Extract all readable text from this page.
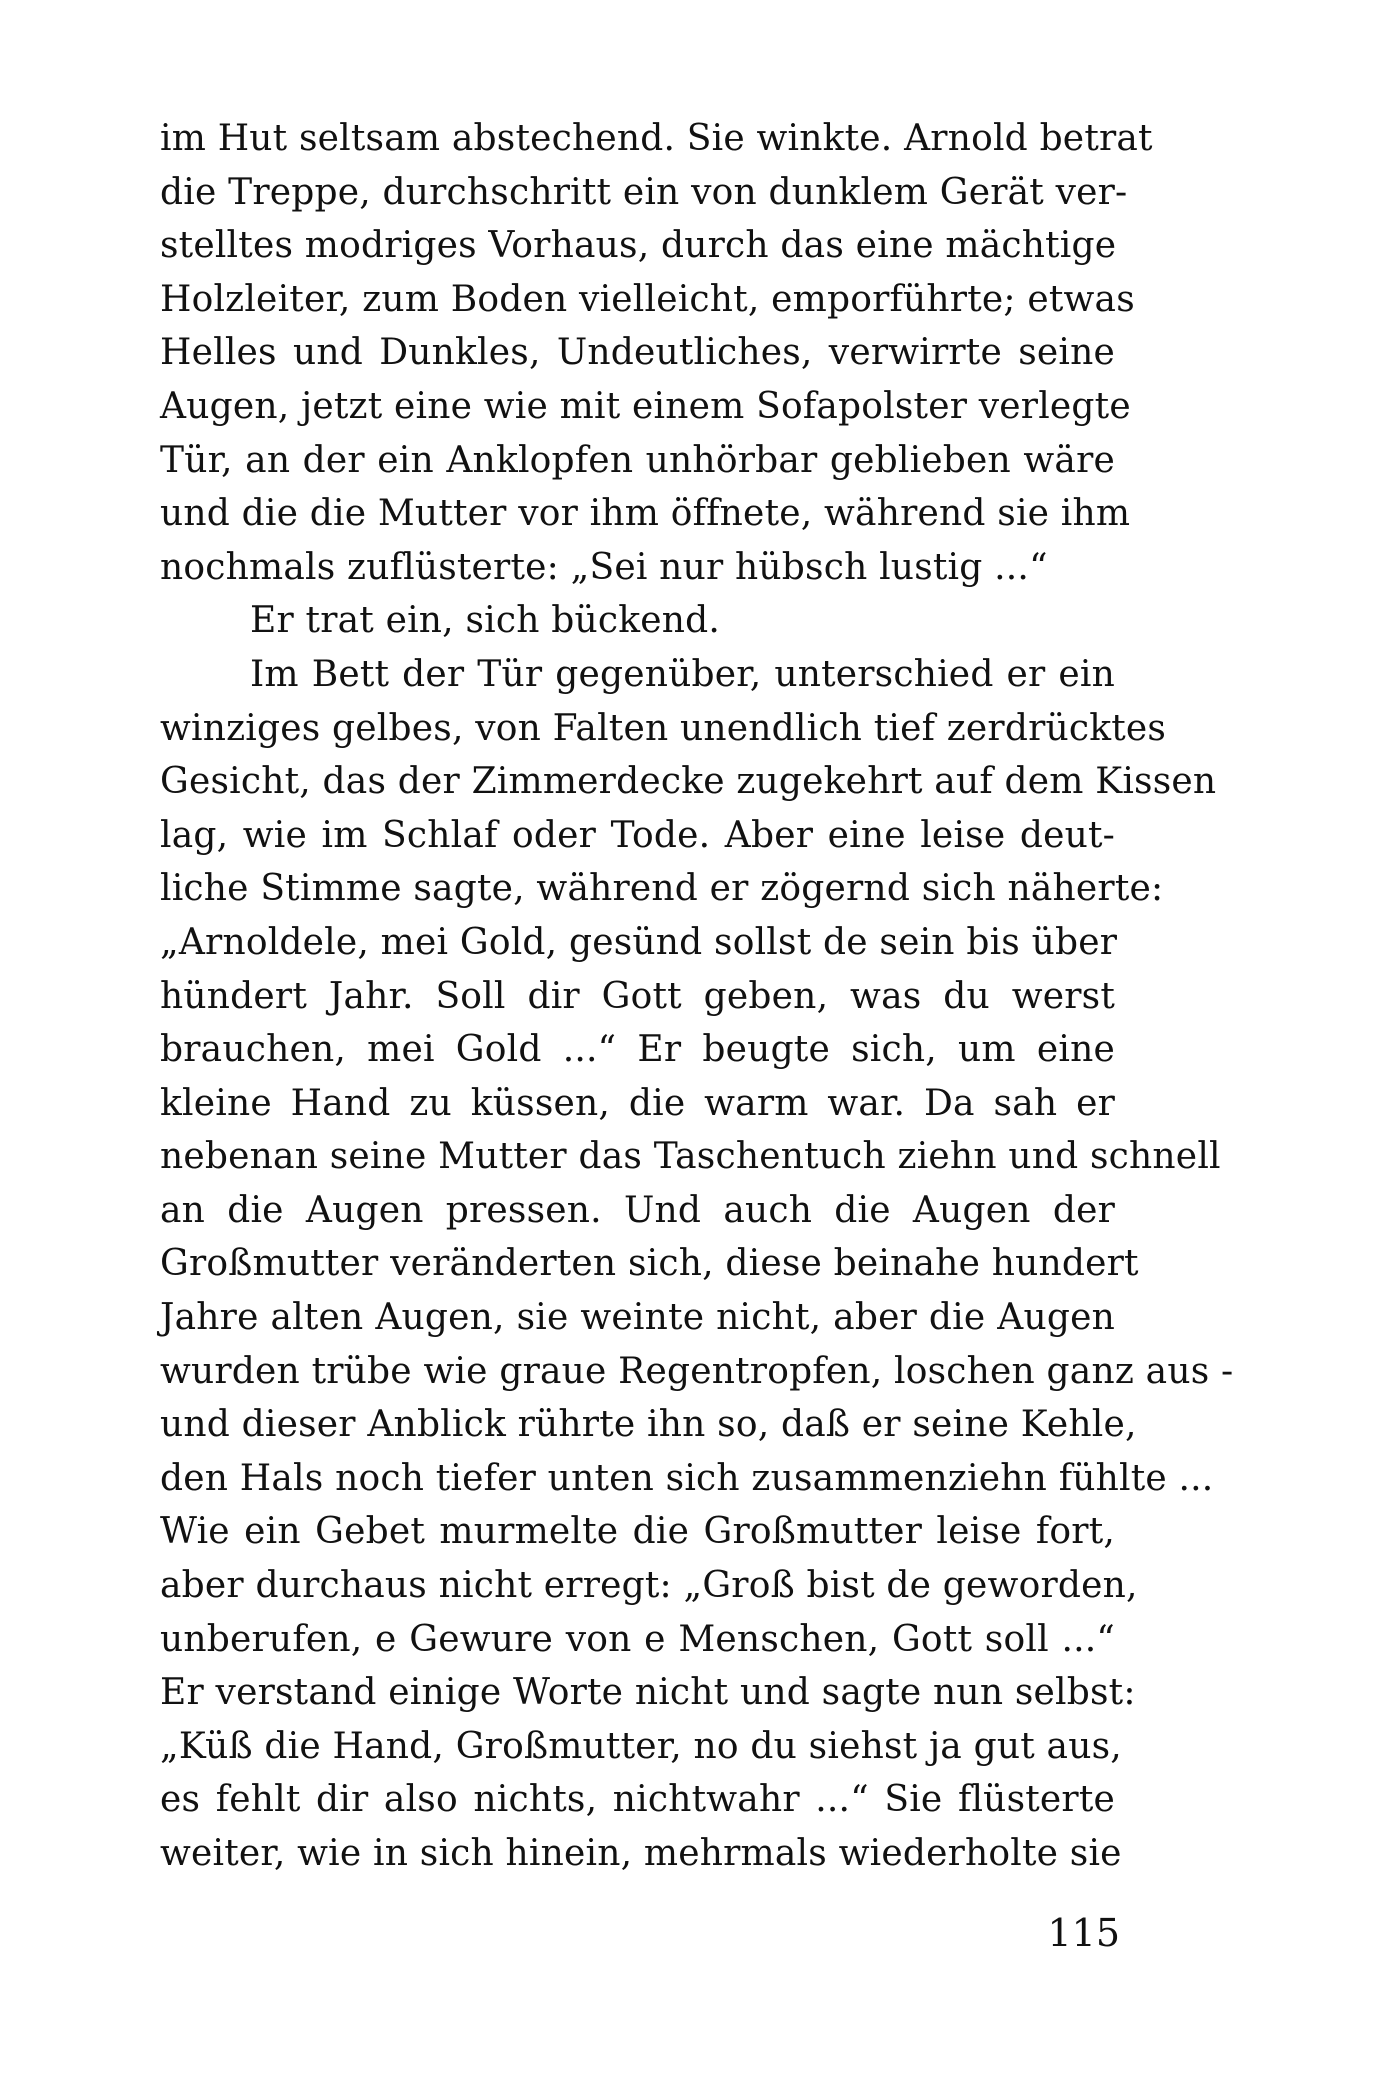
im Hut seltsam abstechend. Sie winkte. Arnold betrat
die Treppe, durchschritt ein von dunklem Gerät ver-
stelltes modriges Vorhaus, durch das eine mächtige
Holzleiter, zum Boden vielleicht, emporführte; etwas
Helles und Dunkles, Undeutliches, verwirrte seine
Augen, jetzt eine wie mit einem Sofapolster verlegte
Tür, an der ein Anklopfen unhörbar geblieben wäre
und die die Mutter vor ihm öffnete, während sie ihm
nochmals zuflüsterte: „Sei nur hübsch lustig ...“
Er trat ein, sich bückend.
Im Bett der Tür gegenüber, unterschied er ein
winziges gelbes, von Falten unendlich tief zerdrücktes
Gesicht, das der Zimmerdecke zugekehrt auf dem Kissen
lag, wie im Schlaf oder Tode. Aber eine leise deut-
liche Stimme sagte, während er zögernd sich näherte:
„Arnoldele, mei Gold, gesünd sollst de sein bis über
hündert Jahr. Soll dir Gott geben, was du werst
brauchen, mei Gold ...“ Er beugte sich, um eine
kleine Hand zu küssen, die warm war. Da sah er
nebenan seine Mutter das Taschentuch ziehn und schnell
an die Augen pressen. Und auch die Augen der
Großmutter veränderten sich, diese beinahe hundert
Jahre alten Augen, sie weinte nicht, aber die Augen
wurden trübe wie graue Regentropfen, loschen ganz aus -
und dieser Anblick rührte ihn so, daß er seine Kehle,
den Hals noch tiefer unten sich zusammenziehn fühlte ...
Wie ein Gebet murmelte die Großmutter leise fort,
aber durchaus nicht erregt: „Groß bist de geworden,
unberufen, e Gewure von e Menschen, Gott soll ...“
Er verstand einige Worte nicht und sagte nun selbst:
„Küß die Hand, Großmutter, no du siehst ja gut aus,
es fehlt dir also nichts, nichtwahr ...“ Sie flüsterte
weiter, wie in sich hinein, mehrmals wiederholte sie
115
